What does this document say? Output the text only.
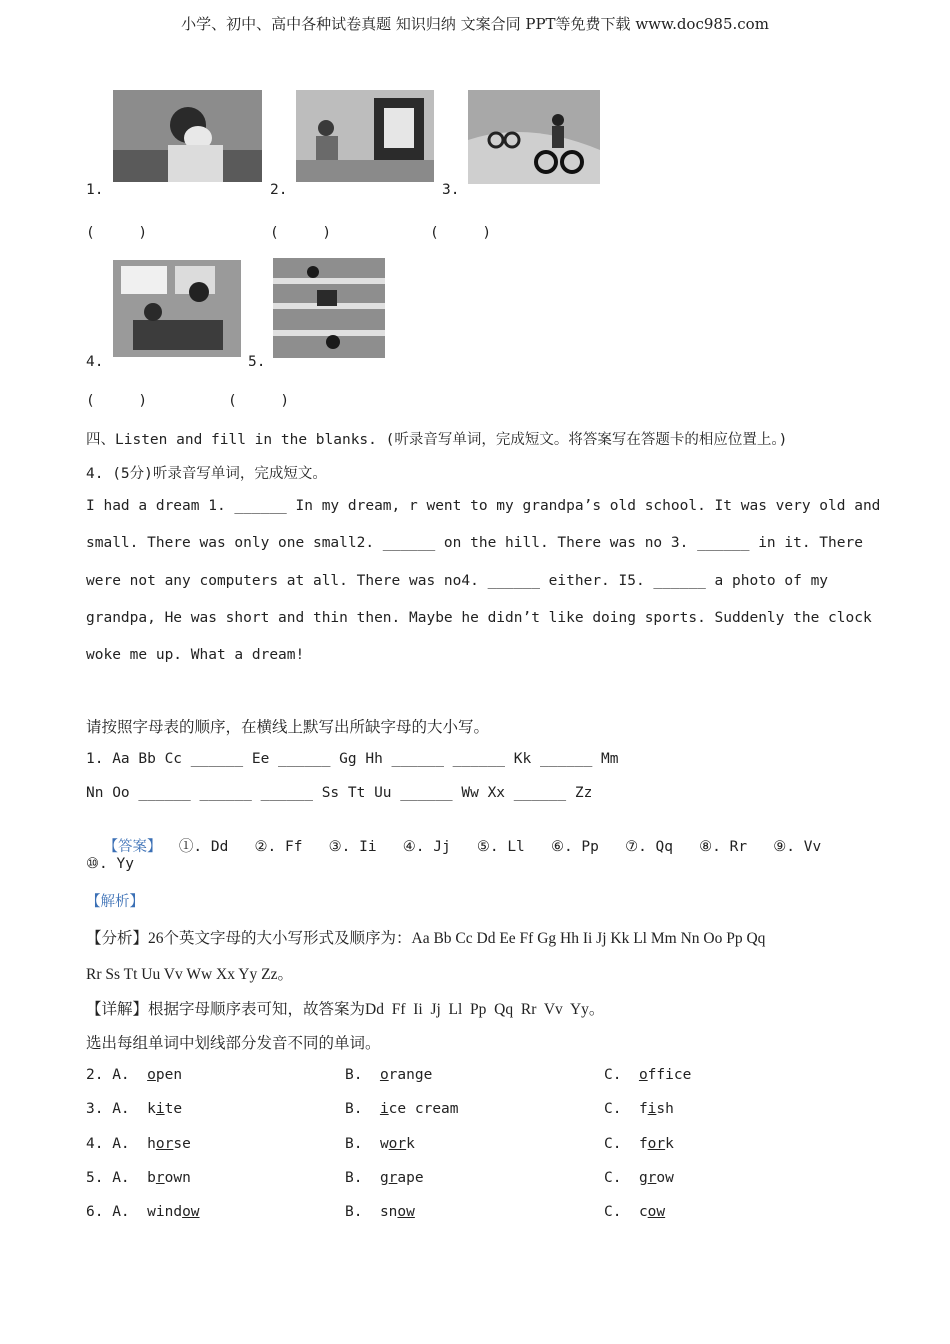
小学、初中、高中各种试卷真题 知识归纳 文案合同 PPT等免费下载 www.doc985.com
1.	2.	3.
(     )	(     )	(     )
4.	5.
(     )	(     )
四、Listen and fill in the blanks. (听录音写单词，完成短文。将答案写在答题卡的相应位置上。)
4. (5分)听录音写单词，完成短文。
I had a dream 1. ______ In my dream, r went to my grandpa’s old school. It was very old and
small. There was only one small2. ______ on the hill. There was no 3. ______ in it. There
were not any computers at all. There was no4. ______ either. I5. ______ a photo of my
grandpa, He was short and thin then. Maybe he didn’t like doing sports. Suddenly the clock
woke me up. What a dream!
请按照字母表的顺序，在横线上默写出所缺字母的大小写。
1. Aa Bb Cc ______ Ee ______ Gg Hh ______ ______ Kk ______ Mm
Nn Oo ______ ______ ______ Ss Tt Uu ______ Ww Xx ______ Zz

【答案】  ①. Dd   ②. Ff   ③. Ii   ④. Jj   ⑤. Ll   ⑥. Pp   ⑦. Qq   ⑧. Rr   ⑨. Vv

⑩. Yy
【解析】
【分析】26个英文字母的大小写形式及顺序为：Aa Bb Cc Dd Ee Ff Gg Hh Ii Jj Kk Ll Mm Nn Oo Pp Qq
Rr Ss Tt Uu Vv Ww Xx Yy Zz。
【详解】根据字母顺序表可知，故答案为Dd  Ff  Ii  Jj  Ll  Pp  Qq  Rr  Vv  Yy。
选出每组单词中划线部分发音不同的单词。
2. A. open	B. orange	C. office
3. A. kite	B. ice cream	C. fish
4. A. horse	B. work	C. fork
5. A. brown	B. grape	C. grow
6. A. window	B. snow	C. cow
